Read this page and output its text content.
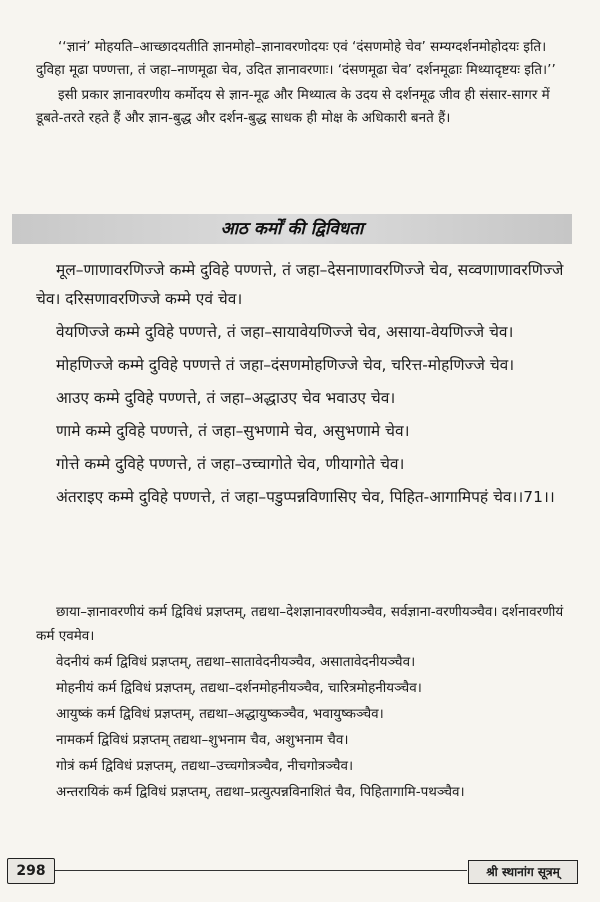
‘‘ज्ञानं’ मोहयति–आच्छादयतीति ज्ञानमोहो–ज्ञानावरणोदयः एवं ‘दंसणमोहे चेव’ सम्यग्दर्शनमोहोदयः इति। दुविहा मूढा पण्णत्ता, तं जहा–नाणमूढा चेव, उदित ज्ञानावरणाः। ‘दंसणमूढा चेव’ दर्शनमूढाः मिथ्यादृष्टयः इति।’’

इसी प्रकार ज्ञानावरणीय कर्मोदय से ज्ञान-मूढ और मिथ्यात्व के उदय से दर्शनमूढ जीव ही संसार-सागर में डूबते-तरते रहते हैं और ज्ञान-बुद्ध और दर्शन-बुद्ध साधक ही मोक्ष के अधिकारी बनते हैं।

आठ कर्मों की द्विविधता

मूल–णाणावरणिज्जे कम्मे दुविहे पण्णत्ते, तं जहा–देसनाणावरणिज्जे चेव, सव्वणाणावरणिज्जे चेव। दरिसणावरणिज्जे कम्मे एवं चेव।

वेयणिज्जे कम्मे दुविहे पण्णत्ते, तं जहा–सायावेयणिज्जे चेव, असाया-वेयणिज्जे चेव।

मोहणिज्जे कम्मे दुविहे पण्णत्ते तं जहा–दंसणमोहणिज्जे चेव, चरित्त-मोहणिज्जे चेव।

आउए कम्मे दुविहे पण्णत्ते, तं जहा–अद्धाउए चेव भवाउए चेव।

णामे कम्मे दुविहे पण्णत्ते, तं जहा–सुभणामे चेव, असुभणामे चेव।

गोत्ते कम्मे दुविहे पण्णत्ते, तं जहा–उच्चागोते चेव, णीयागोते चेव।

अंतराइए कम्मे दुविहे पण्णत्ते, तं जहा–पडुप्पन्नविणासिए चेव, पिहित-आगामिपहं चेव।।71।।

छाया–ज्ञानावरणीयं कर्म द्विविधं प्रज्ञप्तम्, तद्यथा–देशज्ञानावरणीयञ्चैव, सर्वज्ञाना-वरणीयञ्चैव। दर्शनावरणीयं कर्म एवमेव।

वेदनीयं कर्म द्विविधं प्रज्ञप्तम्, तद्यथा–सातावेदनीयञ्चैव, असातावेदनीयञ्चैव।

मोहनीयं कर्म द्विविधं प्रज्ञप्तम्, तद्यथा–दर्शनमोहनीयञ्चैव, चारित्रमोहनीयञ्चैव।

आयुष्कं कर्म द्विविधं प्रज्ञप्तम्, तद्यथा–अद्धायुष्कञ्चैव, भवायुष्कञ्चैव।

नामकर्म द्विविधं प्रज्ञप्तम् तद्यथा–शुभनाम चैव, अशुभनाम चैव।

गोत्रं कर्म द्विविधं प्रज्ञप्तम्, तद्यथा–उच्चगोत्रञ्चैव, नीचगोत्रञ्चैव।

अन्तरायिकं कर्म द्विविधं प्रज्ञप्तम्, तद्यथा–प्रत्युत्पन्नविनाशितं चैव, पिहितागामि-पथञ्चैव।

298	श्री स्थानांग सूत्रम्
